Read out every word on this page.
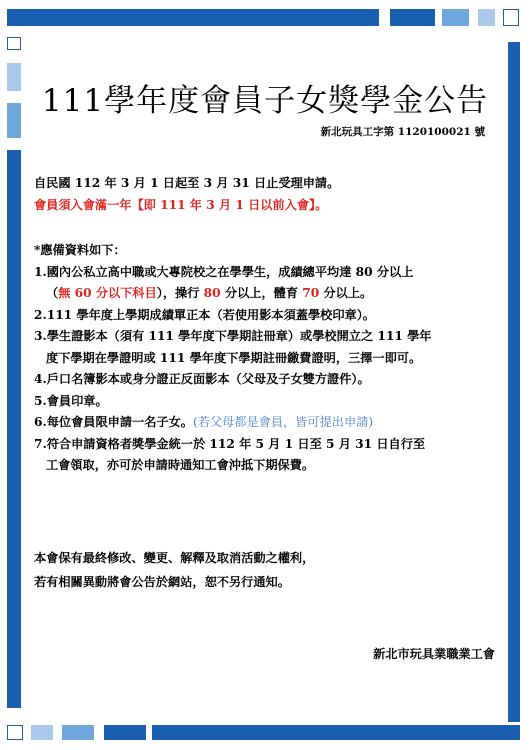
111學年度會員子女獎學金公告
新北玩具工字第 1120100021 號
自民國 112 年 3 月 1 日起至 3 月 31 日止受理申請。
會員須入會滿一年【即 111 年 3 月 1 日以前入會】。
*應備資料如下：
1.國內公私立高中職或大專院校之在學學生，成績總平均達 80 分以上
（無 60 分以下科目），操行 80 分以上，體育 70 分以上。
2.111 學年度上學期成績單正本（若使用影本須蓋學校印章）。
3.學生證影本（須有 111 學年度下學期註冊章）或學校開立之 111 學年
度下學期在學證明或 111 學年度下學期註冊繳費證明，三擇一即可。
4.戶口名簿影本或身分證正反面影本（父母及子女雙方證件）。
5.會員印章。
6.每位會員限申請一名子女。(若父母都是會員，皆可提出申請)
7.符合申請資格者獎學金統一於 112 年 5 月 1 日至 5 月 31 日自行至
工會領取，亦可於申請時通知工會沖抵下期保費。
本會保有最終修改、變更、解釋及取消活動之權利，
若有相關異動將會公告於網站，恕不另行通知。
新北市玩具業職業工會
